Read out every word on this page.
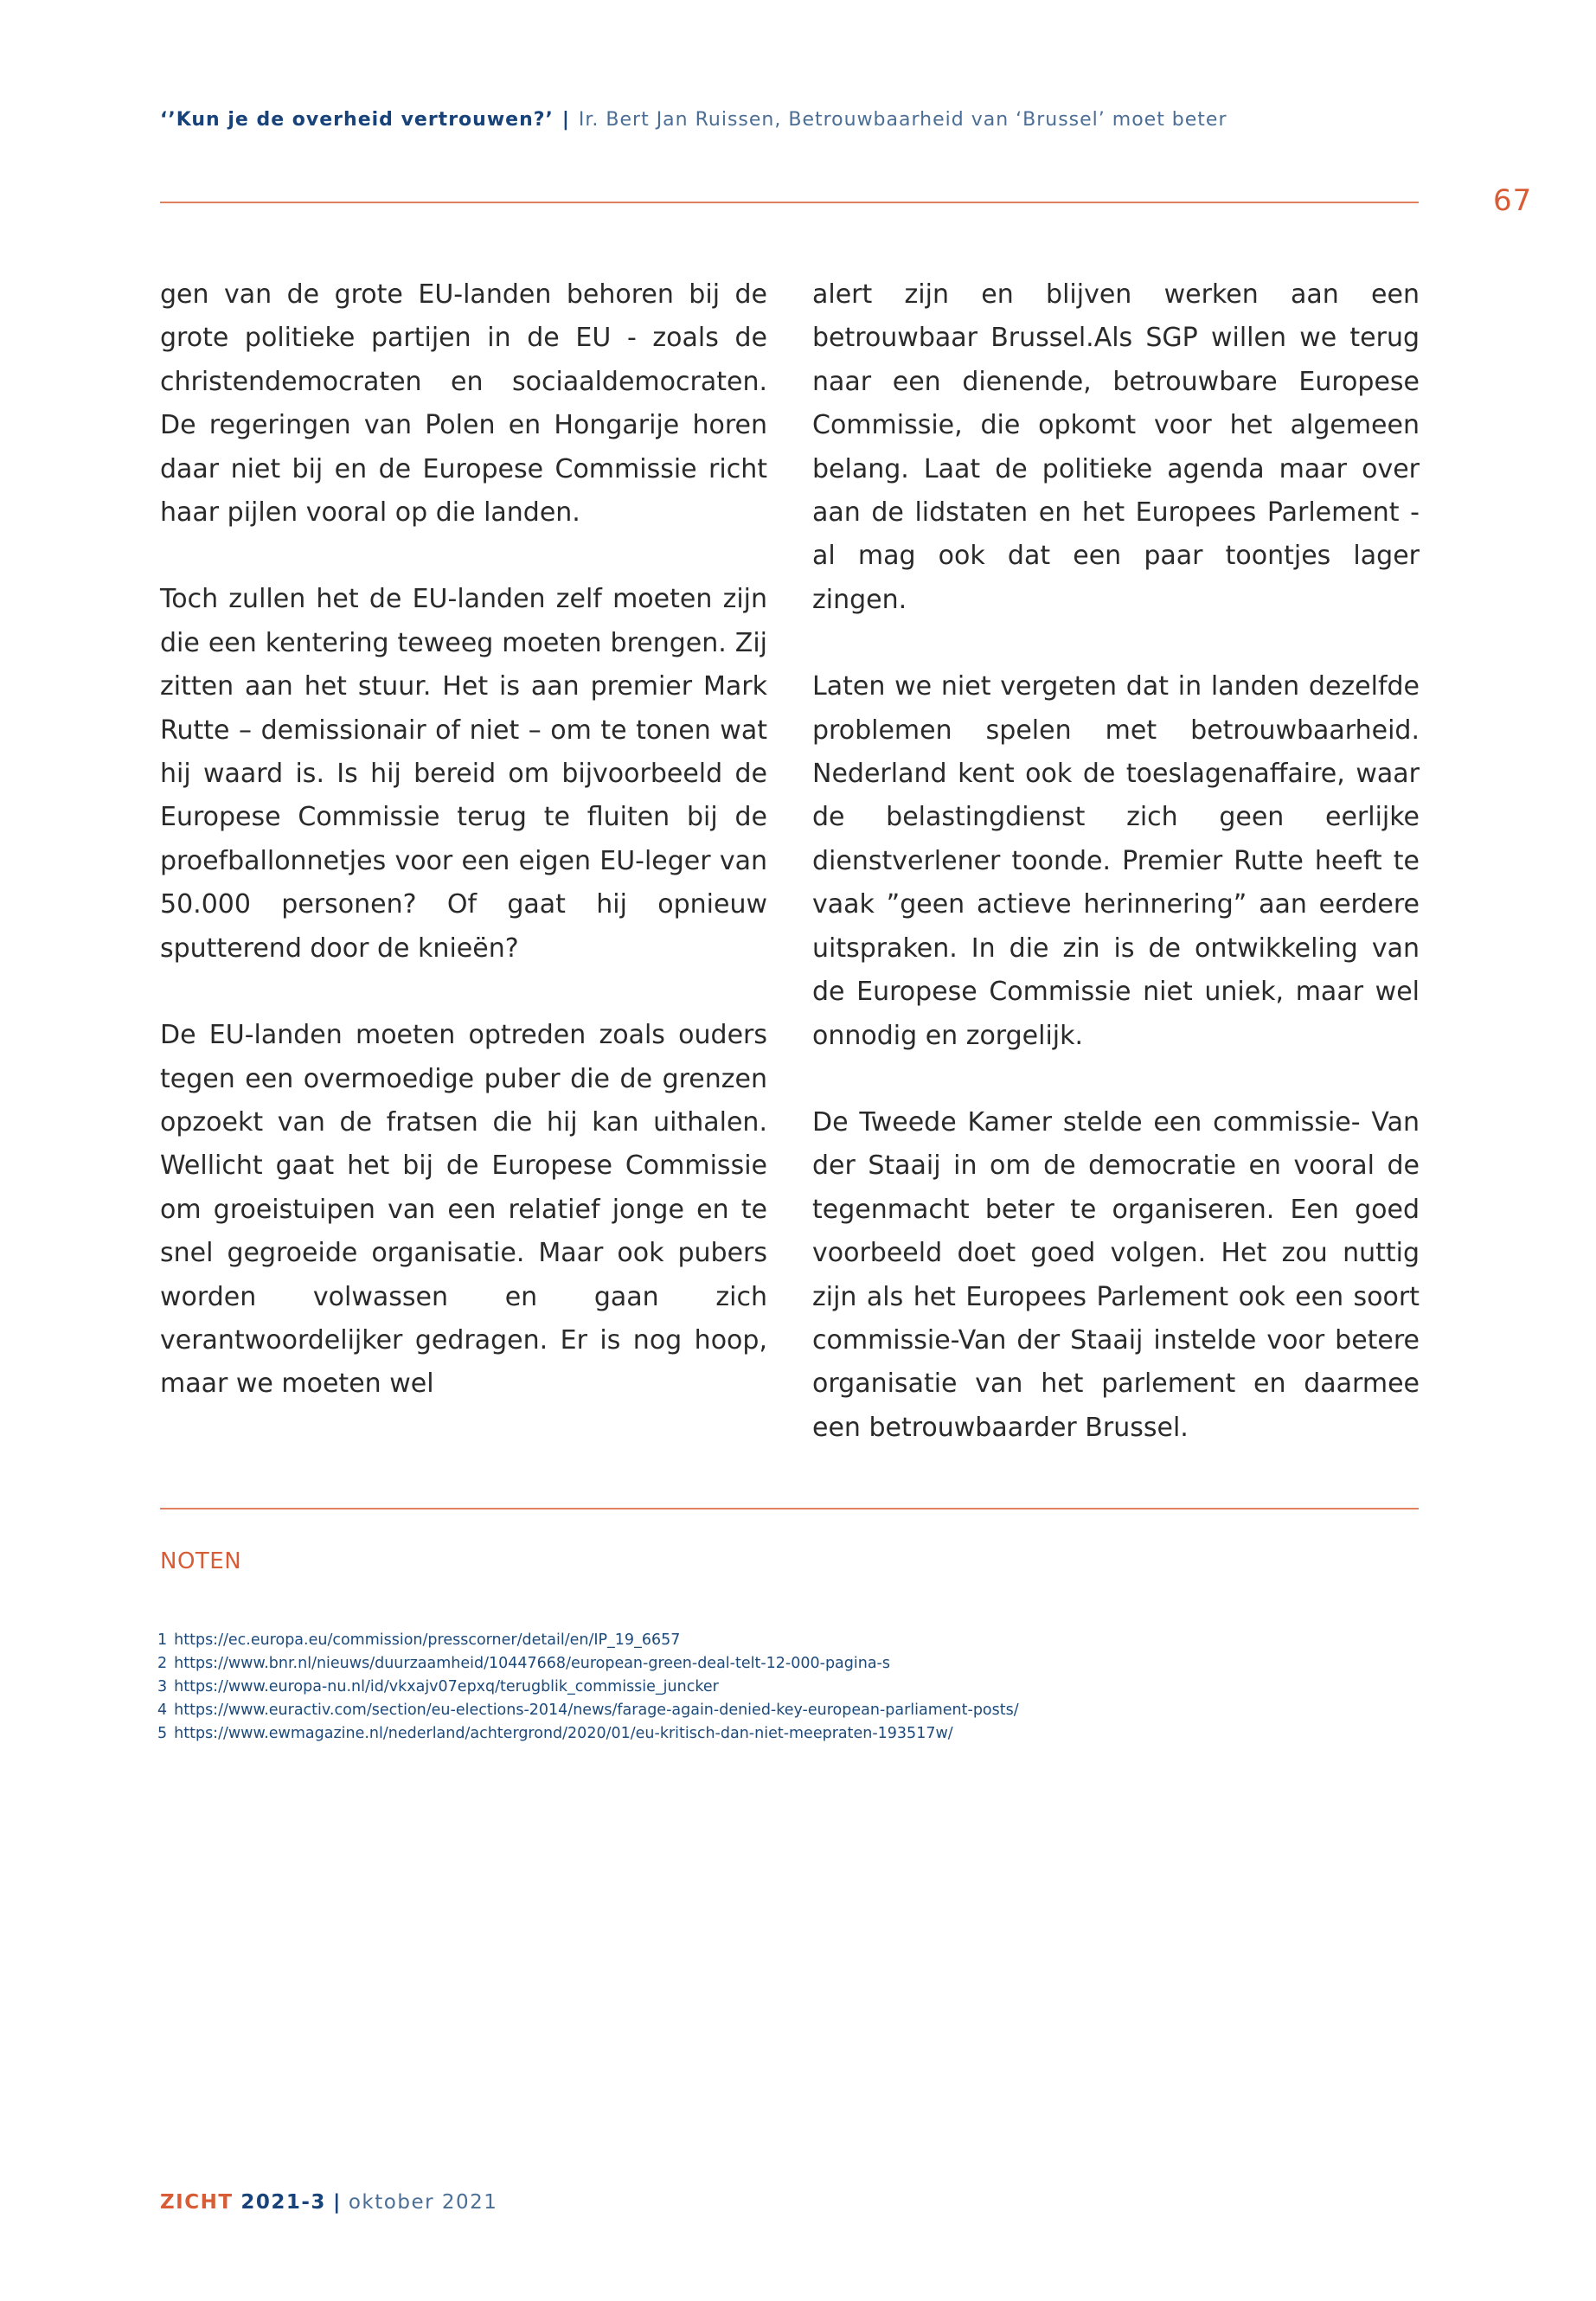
‘’Kun je de overheid vertrouwen?’ | Ir. Bert Jan Ruissen, Betrouwbaarheid van ‘Brussel’ moet beter
67

gen van de grote EU-landen behoren bij de grote politieke partijen in de EU - zoals de christendemocraten en sociaaldemocraten. De regeringen van Polen en Hongarije horen daar niet bij en de Europese Commissie richt haar pijlen vooral op die landen.

Toch zullen het de EU-landen zelf moeten zijn die een kentering teweeg moeten brengen. Zij zitten aan het stuur. Het is aan premier Mark Rutte – demissionair of niet – om te tonen wat hij waard is. Is hij bereid om bijvoorbeeld de Europese Commissie terug te fluiten bij de proefballonnetjes voor een eigen EU-leger van 50.000 personen? Of gaat hij opnieuw sputterend door de knieën?

De EU-landen moeten optreden zoals ouders tegen een overmoedige puber die de grenzen opzoekt van de fratsen die hij kan uithalen. Wellicht gaat het bij de Europese Commissie om groeistuipen van een relatief jonge en te snel gegroeide organisatie. Maar ook pubers worden volwassen en gaan zich verantwoordelijker gedragen. Er is nog hoop, maar we moeten wel

alert zijn en blijven werken aan een betrouwbaar Brussel.Als SGP willen we terug naar een dienende, betrouwbare Europese Commissie, die opkomt voor het algemeen belang. Laat de politieke agenda maar over aan de lidstaten en het Europees Parlement - al mag ook dat een paar toontjes lager zingen.

Laten we niet vergeten dat in landen dezelfde problemen spelen met betrouwbaarheid. Nederland kent ook de toeslagenaffaire, waar de belastingdienst zich geen eerlijke dienstverlener toonde. Premier Rutte heeft te vaak ”geen actieve herinnering” aan eerdere uitspraken. In die zin is de ontwikkeling van de Europese Commissie niet uniek, maar wel onnodig en zorgelijk.

De Tweede Kamer stelde een commissie- Van der Staaij in om de democratie en vooral de tegenmacht beter te organiseren. Een goed voorbeeld doet goed volgen. Het zou nuttig zijn als het Europees Parlement ook een soort commissie-Van der Staaij instelde voor betere organisatie van het parlement en daarmee een betrouwbaarder Brussel.

NOTEN
1 https://ec.europa.eu/commission/presscorner/detail/en/IP_19_6657
2 https://www.bnr.nl/nieuws/duurzaamheid/10447668/european-green-deal-telt-12-000-pagina-s
3 https://www.europa-nu.nl/id/vkxajv07epxq/terugblik_commissie_juncker
4 https://www.euractiv.com/section/eu-elections-2014/news/farage-again-denied-key-european-parliament-posts/
5 https://www.ewmagazine.nl/nederland/achtergrond/2020/01/eu-kritisch-dan-niet-meepraten-193517w/
ZICHT 2021-3 | oktober 2021
